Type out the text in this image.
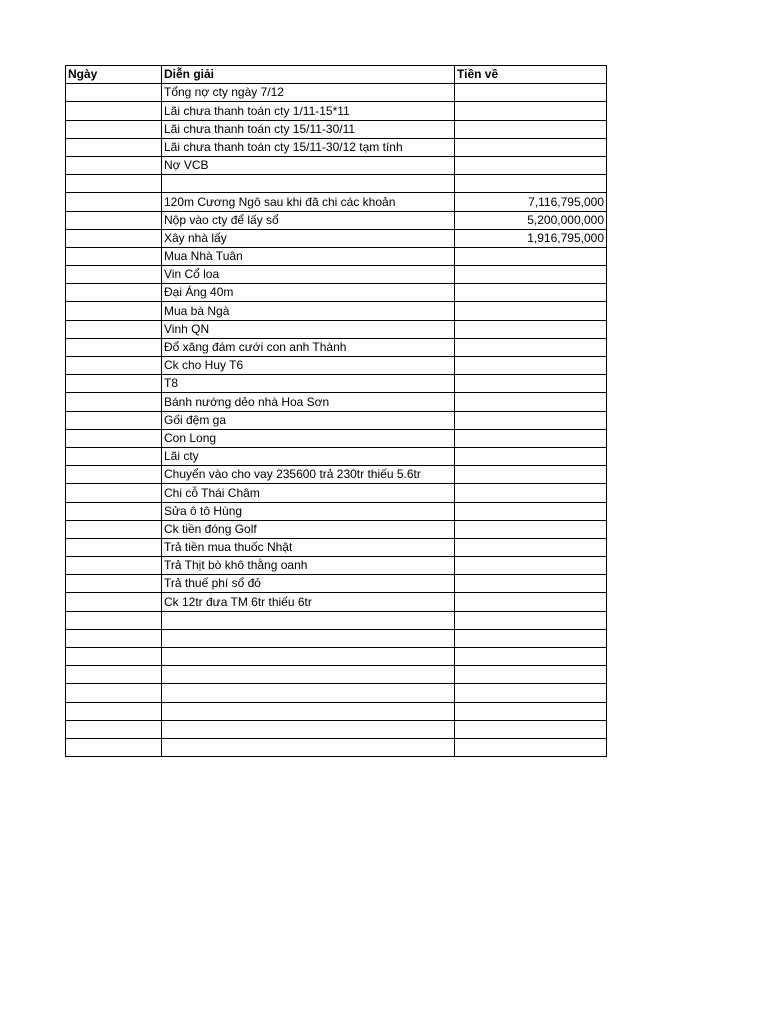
Ngày	Diễn giải	Tiền về
	Tổng nợ cty ngày 7/12	
	Lãi chưa thanh toán cty 1/11-15*11	
	Lãi chưa thanh toán cty 15/11-30/11	
	Lãi chưa thanh toán cty 15/11-30/12 tạm tính	
	Nợ VCB	

	120m Cương Ngô sau khi đã chi các khoản	7,116,795,000
	Nộp vào cty để lấy sổ	5,200,000,000
	Xây nhà lấy	1,916,795,000
	Mua Nhà Tuân	
	Vin Cổ loa	
	Đại Áng 40m	
	Mua bà Ngà	
	Vinh QN	
	Đổ xăng đám cưới con anh Thành	
	Ck cho Huy T6	
	T8	
	Bánh nướng dẻo nhà Hoa Sơn	
	Gối đệm ga	
	Con Long	
	Lãi cty	
	Chuyển vào cho vay 235600 trả 230tr thiếu 5.6tr	
	Chi cỗ Thái Châm	
	Sửa ô tô Hùng	
	Ck tiền đóng Golf	
	Trả tiền mua thuốc Nhật	
	Trả Thịt bò khô thằng oanh	
	Trả thuế phí sổ đỏ	
	Ck 12tr đưa TM 6tr thiếu 6tr	
